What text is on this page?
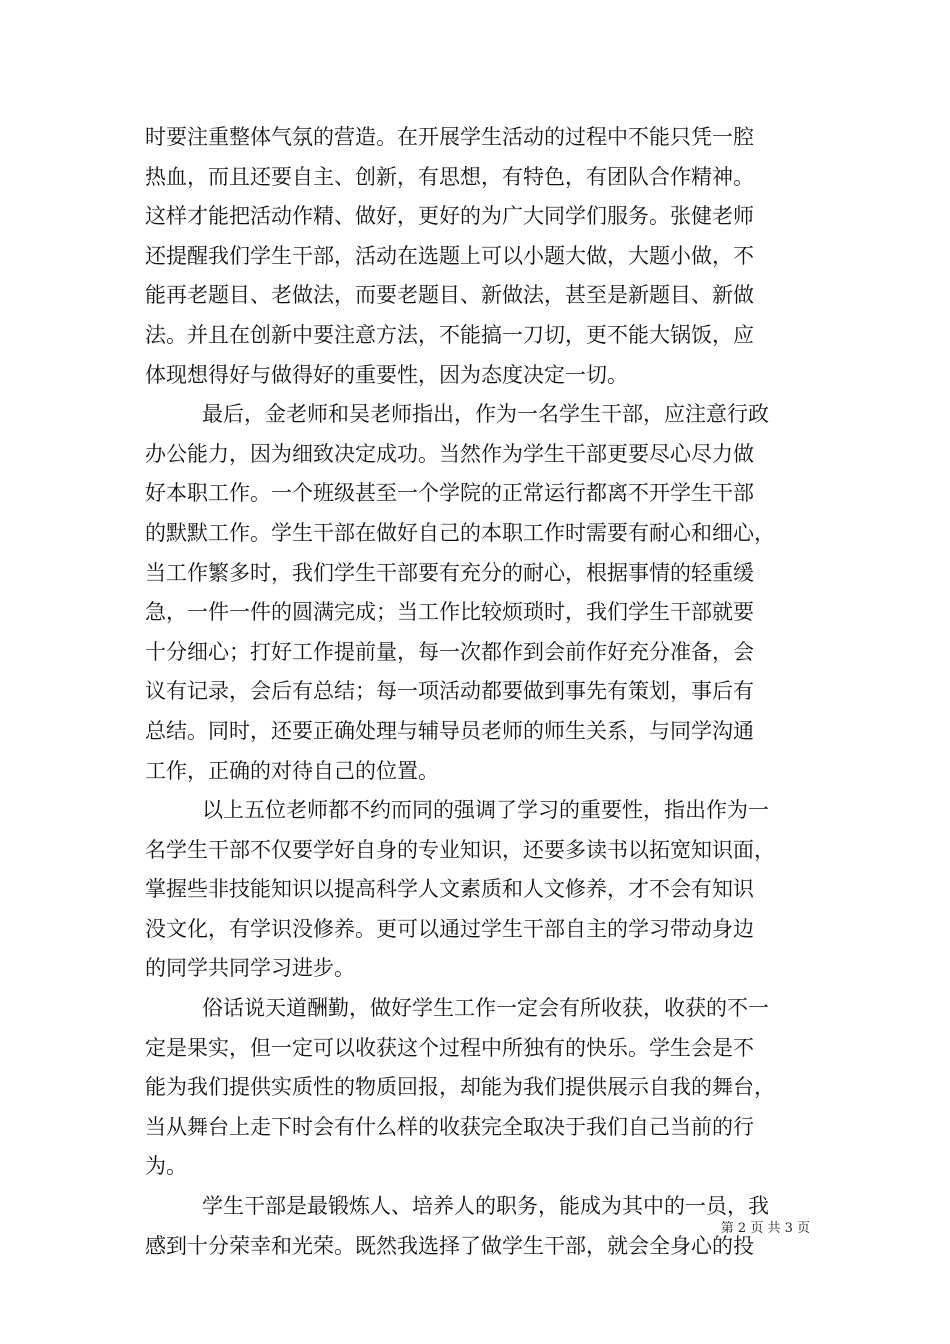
时要注重整体气氛的营造。在开展学生活动的过程中不能只凭一腔
热血，而且还要自主、创新，有思想，有特色，有团队合作精神。
这样才能把活动作精、做好，更好的为广大同学们服务。张健老师
还提醒我们学生干部，活动在选题上可以小题大做，大题小做，不
能再老题目、老做法，而要老题目、新做法，甚至是新题目、新做
法。并且在创新中要注意方法，不能搞一刀切，更不能大锅饭，应
体现想得好与做得好的重要性，因为态度决定一切。
最后，金老师和吴老师指出，作为一名学生干部，应注意行政
办公能力，因为细致决定成功。当然作为学生干部更要尽心尽力做
好本职工作。一个班级甚至一个学院的正常运行都离不开学生干部
的默默工作。学生干部在做好自己的本职工作时需要有耐心和细心，
当工作繁多时，我们学生干部要有充分的耐心，根据事情的轻重缓
急，一件一件的圆满完成；当工作比较烦琐时，我们学生干部就要
十分细心；打好工作提前量，每一次都作到会前作好充分准备，会
议有记录，会后有总结；每一项活动都要做到事先有策划，事后有
总结。同时，还要正确处理与辅导员老师的师生关系，与同学沟通
工作，正确的对待自己的位置。
以上五位老师都不约而同的强调了学习的重要性，指出作为一
名学生干部不仅要学好自身的专业知识，还要多读书以拓宽知识面，
掌握些非技能知识以提高科学人文素质和人文修养，才不会有知识
没文化，有学识没修养。更可以通过学生干部自主的学习带动身边
的同学共同学习进步。
俗话说天道酬勤，做好学生工作一定会有所收获，收获的不一
定是果实，但一定可以收获这个过程中所独有的快乐。学生会是不
能为我们提供实质性的物质回报，却能为我们提供展示自我的舞台，
当从舞台上走下时会有什么样的收获完全取决于我们自己当前的行
为。
学生干部是最锻炼人、培养人的职务，能成为其中的一员，我
感到十分荣幸和光荣。既然我选择了做学生干部，就会全身心的投
第 2 页 共 3 页
